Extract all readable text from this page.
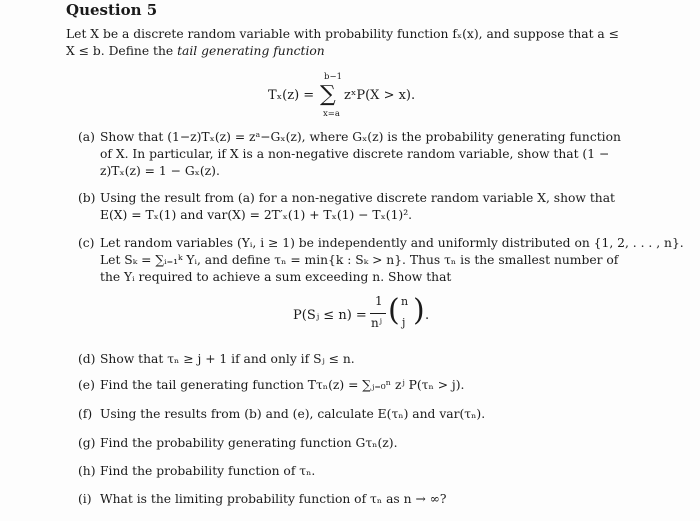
Question 5
Let X be a discrete random variable with probability function fₓ(x), and suppose that a ≤
X ≤ b. Define the tail generating function
Tₓ(z) =
b−1
∑
x=a
zˣP(X > x).
(a) Show that (1−z)Tₓ(z) = zᵃ−Gₓ(z), where Gₓ(z) is the probability generating function
of X. In particular, if X is a non-negative discrete random variable, show that (1 −
z)Tₓ(z) = 1 − Gₓ(z).
(b) Using the result from (a) for a non-negative discrete random variable X, show that
E(X) = Tₓ(1) and var(X) = 2T′ₓ(1) + Tₓ(1) − Tₓ(1)².
(c) Let random variables (Yᵢ, i ≥ 1) be independently and uniformly distributed on {1, 2, . . . , n}.
Let Sₖ = ∑ᵢ₌₁ᵏ Yᵢ, and define τₙ = min{k : Sₖ > n}. Thus τₙ is the smallest number of
the Yᵢ required to achieve a sum exceeding n. Show that
P(Sⱼ ≤ n) =
1
nʲ ( n
j ) .
(d) Show that τₙ ≥ j + 1 if and only if Sⱼ ≤ n.
(e) Find the tail generating function Tτₙ(z) = ∑ⱼ₌₀ⁿ zʲ P(τₙ > j).
(f) Using the results from (b) and (e), calculate E(τₙ) and var(τₙ).
(g) Find the probability generating function Gτₙ(z).
(h) Find the probability function of τₙ.
(i) What is the limiting probability function of τₙ as n → ∞?
